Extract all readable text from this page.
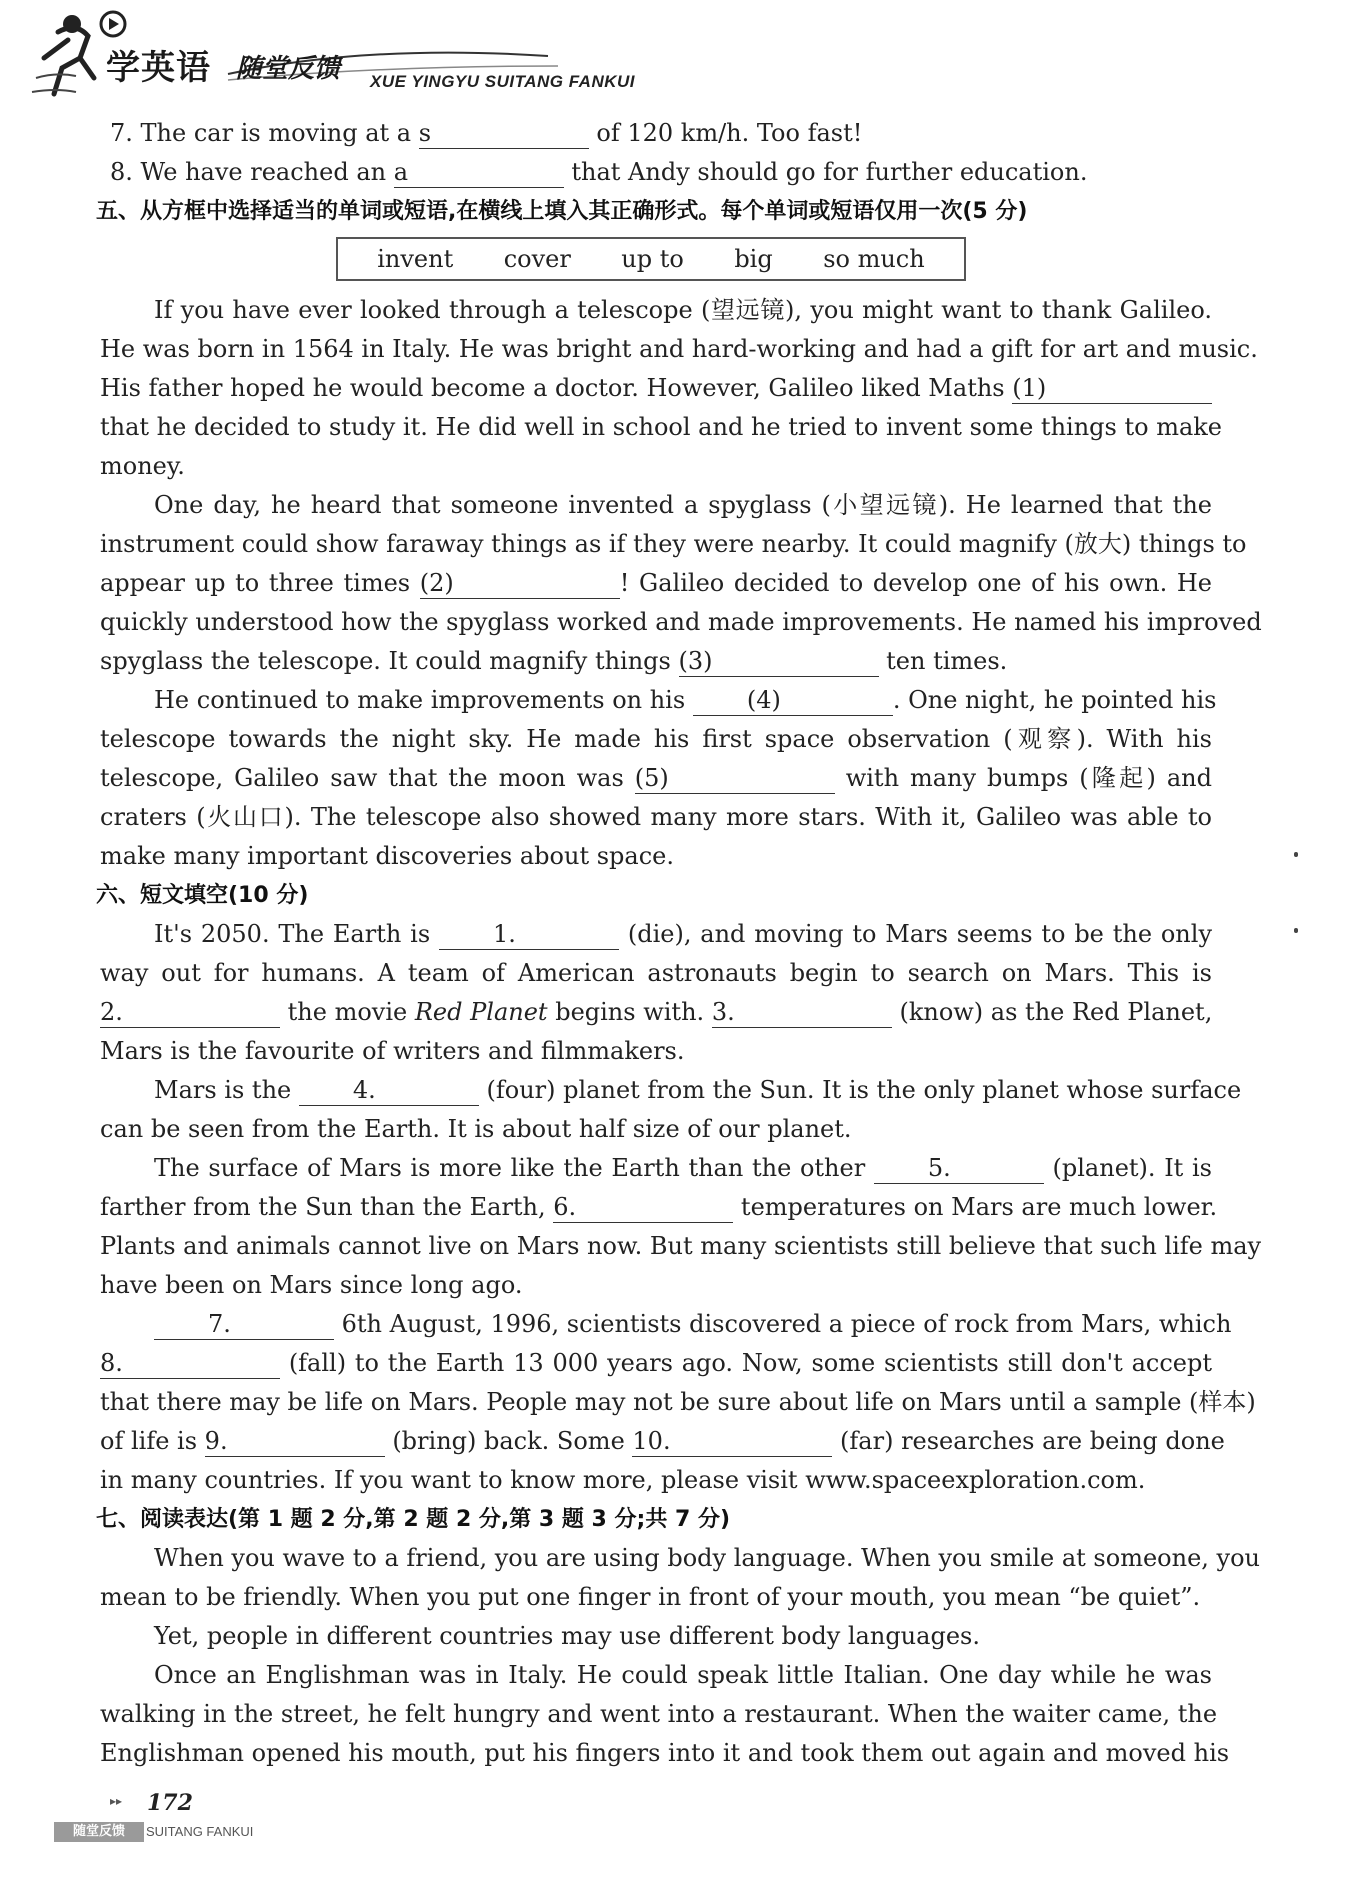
学英语 随堂反馈 XUE YINGYU SUITANG FANKUI
7. The car is moving at a s	of 120 km/h. Too fast!
8. We have reached an a	that Andy should go for further education.
五、从方框中选择适当的单词或短语,在横线上填入其正确形式。每个单词或短语仅用一次(5 分)
invent cover up to big so much
If you have ever looked through a telescope (望远镜), you might want to thank Galileo.
He was born in 1564 in Italy. He was bright and hard-working and had a gift for art and music.
His father hoped he would become a doctor. However, Galileo liked Maths (1)
that he decided to study it. He did well in school and he tried to invent some things to make
money.
One day, he heard that someone invented a spyglass (小望远镜). He learned that the
instrument could show faraway things as if they were nearby. It could magnify (放大) things to
appear up to three times (2)	! Galileo decided to develop one of his own. He
quickly understood how the spyglass worked and made improvements. He named his improved
spyglass the telescope. It could magnify things (3)	ten times.
He continued to make improvements on his	(4)	. One night, he pointed his
telescope towards the night sky. He made his first space observation (观察). With his
telescope, Galileo saw that the moon was (5)	with many bumps (隆起) and
craters (火山口). The telescope also showed many more stars. With it, Galileo was able to
make many important discoveries about space.
六、短文填空(10 分)
It's 2050. The Earth is	1.	(die), and moving to Mars seems to be the only
way out for humans. A team of American astronauts begin to search on Mars. This is
2.	the movie Red Planet begins with. 3.	(know) as the Red Planet,
Mars is the favourite of writers and filmmakers.
Mars is the	4.	(four) planet from the Sun. It is the only planet whose surface
can be seen from the Earth. It is about half size of our planet.
The surface of Mars is more like the Earth than the other	5.	(planet). It is
farther from the Sun than the Earth, 6.	temperatures on Mars are much lower.
Plants and animals cannot live on Mars now. But many scientists still believe that such life may
have been on Mars since long ago.
7.	6th August, 1996, scientists discovered a piece of rock from Mars, which
8.	(fall) to the Earth 13 000 years ago. Now, some scientists still don't accept
that there may be life on Mars. People may not be sure about life on Mars until a sample (样本)
of life is 9.	(bring) back. Some 10.	(far) researches are being done
in many countries. If you want to know more, please visit www.spaceexploration.com.
七、阅读表达(第 1 题 2 分,第 2 题 2 分,第 3 题 3 分;共 7 分)
When you wave to a friend, you are using body language. When you smile at someone, you
mean to be friendly. When you put one finger in front of your mouth, you mean “be quiet”.
Yet, people in different countries may use different body languages.
Once an Englishman was in Italy. He could speak little Italian. One day while he was
walking in the street, he felt hungry and went into a restaurant. When the waiter came, the
Englishman opened his mouth, put his fingers into it and took them out again and moved his
▸▸ 172
随堂反馈	SUITANG FANKUI
